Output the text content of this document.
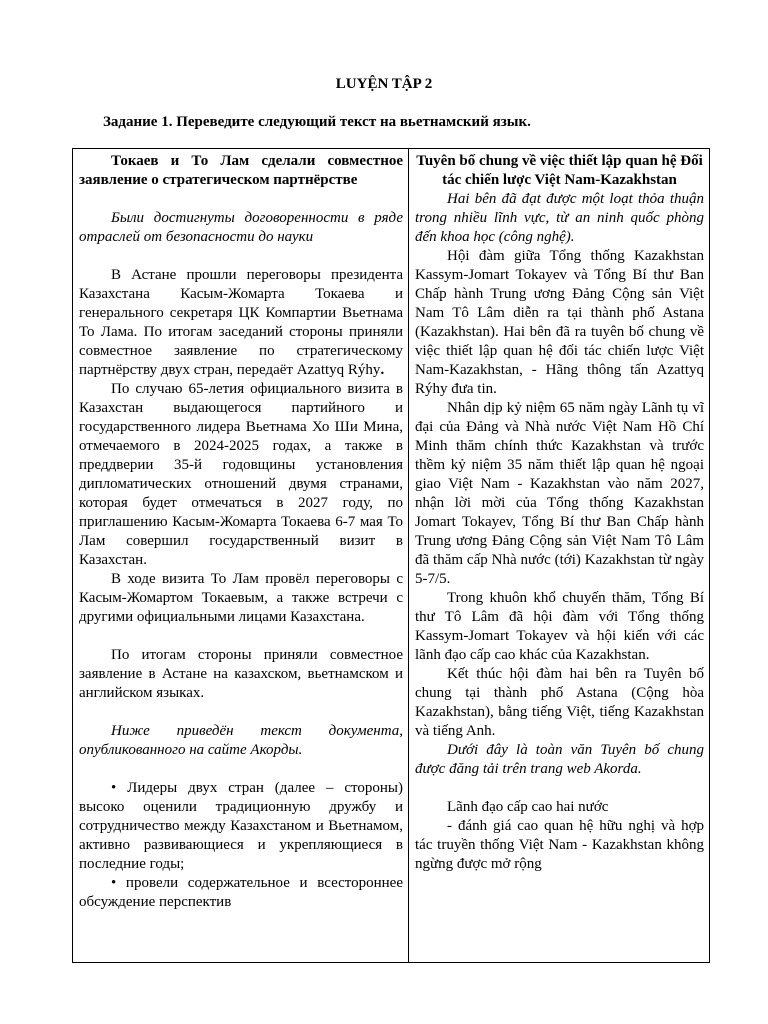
LUYỆN TẬP 2
Задание 1. Переведите следующий текст на вьетнамский язык.

Токаев и То Лам сделали совместное заявление о стратегическом партнёрстве

Были достигнуты договоренности в ряде отраслей от безопасности до науки

В Астане прошли переговоры президента Казахстана Касым-Жомарта Токаева и генерального секретаря ЦК Компартии Вьетнама То Лама. По итогам заседаний стороны приняли совместное заявление по стратегическому партнёрству двух стран, передаёт Azattyq Rýhy.

По случаю 65-летия официального визита в Казахстан выдающегося партийного и государственного лидера Вьетнама Хо Ши Мина, отмечаемого в 2024-2025 годах, а также в преддверии 35-й годовщины установления дипломатических отношений двумя странами, которая будет отмечаться в 2027 году, по приглашению Касым-Жомарта Токаева 6-7 мая То Лам совершил государственный визит в Казахстан.

В ходе визита То Лам провёл переговоры с Касым-Жомартом Токаевым, а также встречи с другими официальными лицами Казахстана.

По итогам стороны приняли совместное заявление в Астане на казахском, вьетнамском и английском языках.

Ниже приведён текст документа, опубликованного на сайте Акорды.

• Лидеры двух стран (далее – стороны) высоко оценили традиционную дружбу и сотрудничество между Казахстаном и Вьетнамом, активно развивающиеся и укрепляющиеся в последние годы;

• провели содержательное и всестороннее обсуждение перспектив

Tuyên bố chung về việc thiết lập quan hệ Đối tác chiến lược Việt Nam-Kazakhstan

Hai bên đã đạt được một loạt thỏa thuận trong nhiều lĩnh vực, từ an ninh quốc phòng đến khoa học (công nghệ).

Hội đàm giữa Tổng thống Kazakhstan Kassym-Jomart Tokayev và Tổng Bí thư Ban Chấp hành Trung ương Đảng Cộng sản Việt Nam Tô Lâm diễn ra tại thành phố Astana (Kazakhstan). Hai bên đã ra tuyên bố chung về việc thiết lập quan hệ đối tác chiến lược Việt Nam-Kazakhstan, - Hãng thông tấn Azattyq Rýhy đưa tin.

Nhân dịp kỷ niệm 65 năm ngày Lãnh tụ vĩ đại của Đảng và Nhà nước Việt Nam Hồ Chí Minh thăm chính thức Kazakhstan và trước thềm kỷ niệm 35 năm thiết lập quan hệ ngoại giao Việt Nam - Kazakhstan vào năm 2027, nhận lời mời của Tổng thống Kazakhstan Jomart Tokayev, Tổng Bí thư Ban Chấp hành Trung ương Đảng Cộng sản Việt Nam Tô Lâm đã thăm cấp Nhà nước (tới) Kazakhstan từ ngày 5-7/5.

Trong khuôn khổ chuyến thăm, Tổng Bí thư Tô Lâm đã hội đàm với Tổng thống Kassym-Jomart Tokayev và hội kiến với các lãnh đạo cấp cao khác của Kazakhstan.

Kết thúc hội đàm hai bên ra Tuyên bố chung tại thành phố Astana (Cộng hòa Kazakhstan), bằng tiếng Việt, tiếng Kazakhstan và tiếng Anh.

Dưới đây là toàn văn Tuyên bố chung được đăng tải trên trang web Akorda.

Lãnh đạo cấp cao hai nước

- đánh giá cao quan hệ hữu nghị và hợp tác truyền thống Việt Nam - Kazakhstan không ngừng được mở rộng
